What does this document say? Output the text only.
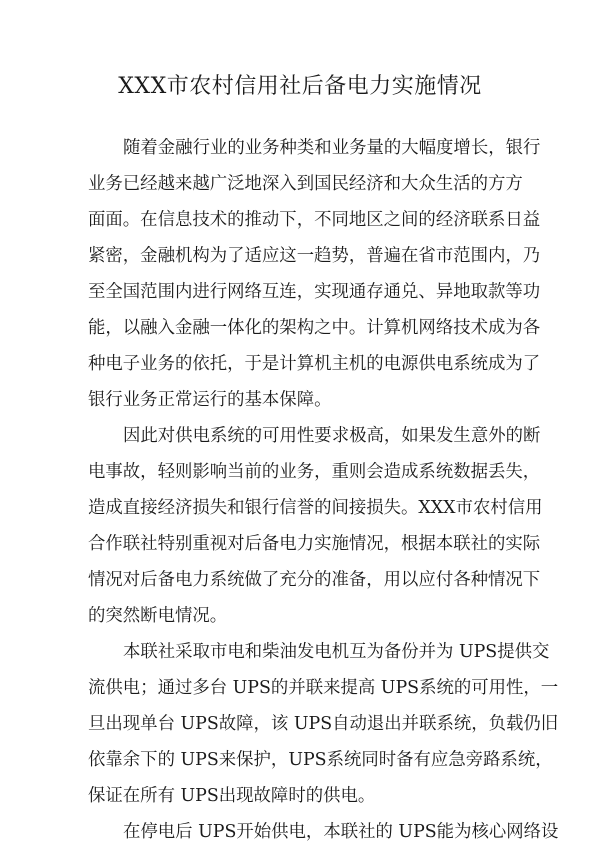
XXX市农村信用社后备电力实施情况

随着金融行业的业务种类和业务量的大幅度增长，银行
业务已经越来越广泛地深入到国民经济和大众生活的方方
面面。在信息技术的推动下，不同地区之间的经济联系日益
紧密，金融机构为了适应这一趋势，普遍在省市范围内，乃
至全国范围内进行网络互连，实现通存通兑、异地取款等功
能，以融入金融一体化的架构之中。计算机网络技术成为各
种电子业务的依托，于是计算机主机的电源供电系统成为了
银行业务正常运行的基本保障。

因此对供电系统的可用性要求极高，如果发生意外的断
电事故，轻则影响当前的业务，重则会造成系统数据丢失，
造成直接经济损失和银行信誉的间接损失。XXX市农村信用
合作联社特别重视对后备电力实施情况，根据本联社的实际
情况对后备电力系统做了充分的准备，用以应付各种情况下
的突然断电情况。

本联社采取市电和柴油发电机互为备份并为 UPS提供交
流供电；通过多台 UPS的并联来提高 UPS系统的可用性，一
旦出现单台 UPS故障，该 UPS自动退出并联系统，负载仍旧
依靠余下的 UPS来保护，UPS系统同时备有应急旁路系统，
保证在所有 UPS出现故障时的供电。

在停电后 UPS开始供电，本联社的 UPS能为核心网络设
